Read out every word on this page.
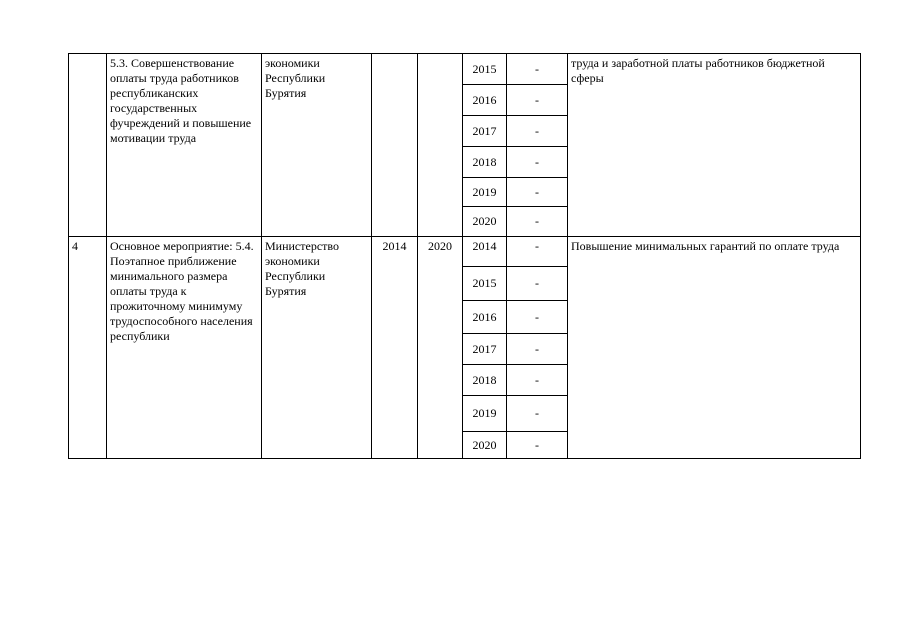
	5.3. Совершенствование оплаты труда работников республиканских государственных фучреждений и повышение мотивации труда	экономики Республики Бурятия			2015	-	труда и заработной платы работников бюджетной сферы
					2016	-	
					2017	-	
					2018	-	
					2019	-	
					2020	-	
4	Основное мероприятие: 5.4. Поэтапное приближение минимального размера оплаты труда к прожиточному минимуму трудоспособного населения республики	Министерство экономики Республики Бурятия	2014	2020	2014	-	Повышение минимальных гарантий по оплате труда
					2015	-	
					2016	-	
					2017	-	
					2018	-	
					2019	-	
					2020	-	
